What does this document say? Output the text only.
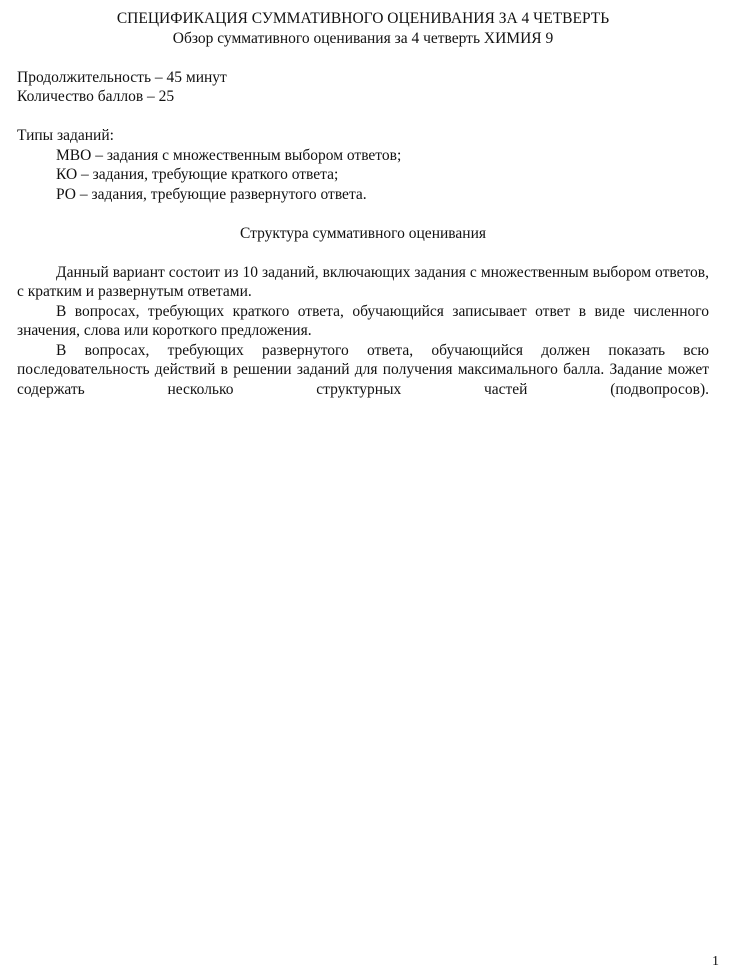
СПЕЦИФИКАЦИЯ СУММАТИВНОГО ОЦЕНИВАНИЯ ЗА 4 ЧЕТВЕРТЬ
Обзор суммативного оценивания за 4 четверть ХИМИЯ 9
Продолжительность – 45 минут
Количество баллов – 25
Типы заданий:
МВО – задания с множественным выбором ответов;
КО – задания, требующие краткого ответа;
РО – задания, требующие развернутого ответа.
Структура суммативного оценивания

Данный вариант состоит из 10 заданий, включающих задания с множественным выбором ответов, с кратким и развернутым ответами.

В вопросах, требующих краткого ответа, обучающийся записывает ответ в виде численного значения, слова или короткого предложения.

В вопросах, требующих развернутого ответа, обучающийся должен показать всю последовательность действий в решении заданий для получения максимального балла. Задание может содержать несколько структурных частей (подвопросов).

1
